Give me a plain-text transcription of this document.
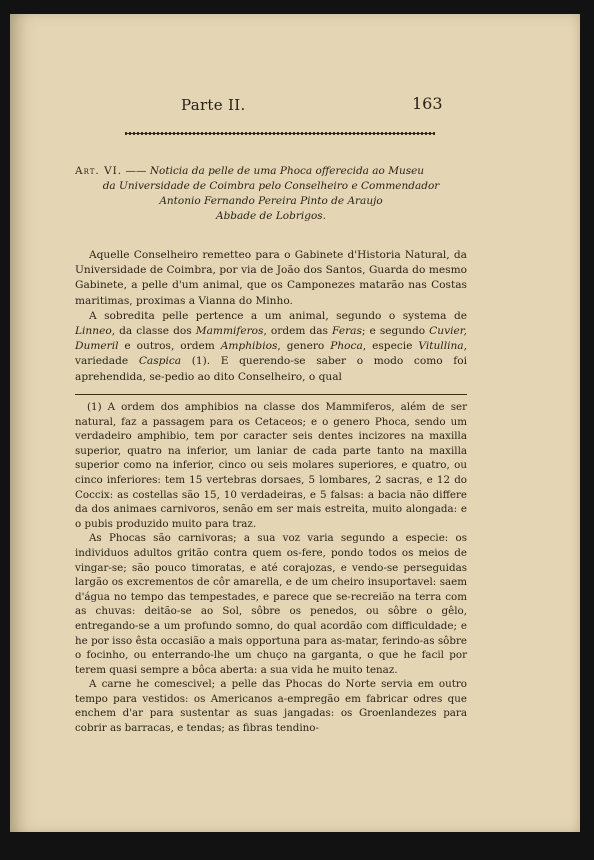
Parte II.	163

Art. VI. —— Noticia da pelle de uma Phoca offerecida ao Museu

da Universidade de Coimbra pelo Conselheiro e Commendador

Antonio Fernando Pereira Pinto de Araujo

Abbade de Lobrigos.

Aquelle Conselheiro remetteo para o Gabinete d'Historia Natural, da Universidade de Coimbra, por via de João dos Santos, Guarda do mesmo Gabinete, a pelle d'um animal, que os Camponezes matarão nas Costas maritimas, proximas a Vianna do Minho.

A sobredita pelle pertence a um animal, segundo o systema de Linneo, da classe dos Mammiferos, ordem das Feras; e segundo Cuvier, Dumeril e outros, ordem Amphibios, genero Phoca, especie Vitullina, variedade Caspica (1). E querendo-se saber o modo como foi aprehendida, se-pedio ao dito Conselheiro, o qual

(1) A ordem dos amphibios na classe dos Mammiferos, além de ser natural, faz a passagem para os Cetaceos; e o genero Phoca, sendo um verdadeiro amphibio, tem por caracter seis dentes incizores na maxilla superior, quatro na inferior, um laniar de cada parte tanto na maxilla superior como na inferior, cinco ou seis molares superiores, e quatro, ou cinco inferiores: tem 15 vertebras dorsaes, 5 lombares, 2 sacras, e 12 do Coccix: as costellas são 15, 10 verdadeiras, e 5 falsas: a bacia não differe da dos animaes carnivoros, senão em ser mais estreita, muito alongada: e o pubis produzido muito para traz.

As Phocas são carnivoras; a sua voz varia segundo a especie: os individuos adultos gritão contra quem os-fere, pondo todos os meios de vingar-se; são pouco timoratas, e até corajozas, e vendo-se perseguidas largão os excrementos de côr amarella, e de um cheiro insuportavel: saem d'água no tempo das tempestades, e parece que se-recreião na terra com as chuvas: deitão-se ao Sol, sôbre os penedos, ou sôbre o gêlo, entregando-se a um profundo somno, do qual acordão com difficuldade; e he por isso êsta occasião a mais opportuna para as-matar, ferindo-as sôbre o focinho, ou enterrando-lhe um chuço na garganta, o que he facil por terem quasi sempre a bôca aberta: a sua vida he muito tenaz.

A carne he comescivel; a pelle das Phocas do Norte servia em outro tempo para vestidos: os Americanos a-empregão em fabricar odres que enchem d'ar para sustentar as suas jangadas: os Groenlandezes para cobrir as barracas, e tendas; as fibras tendino-
